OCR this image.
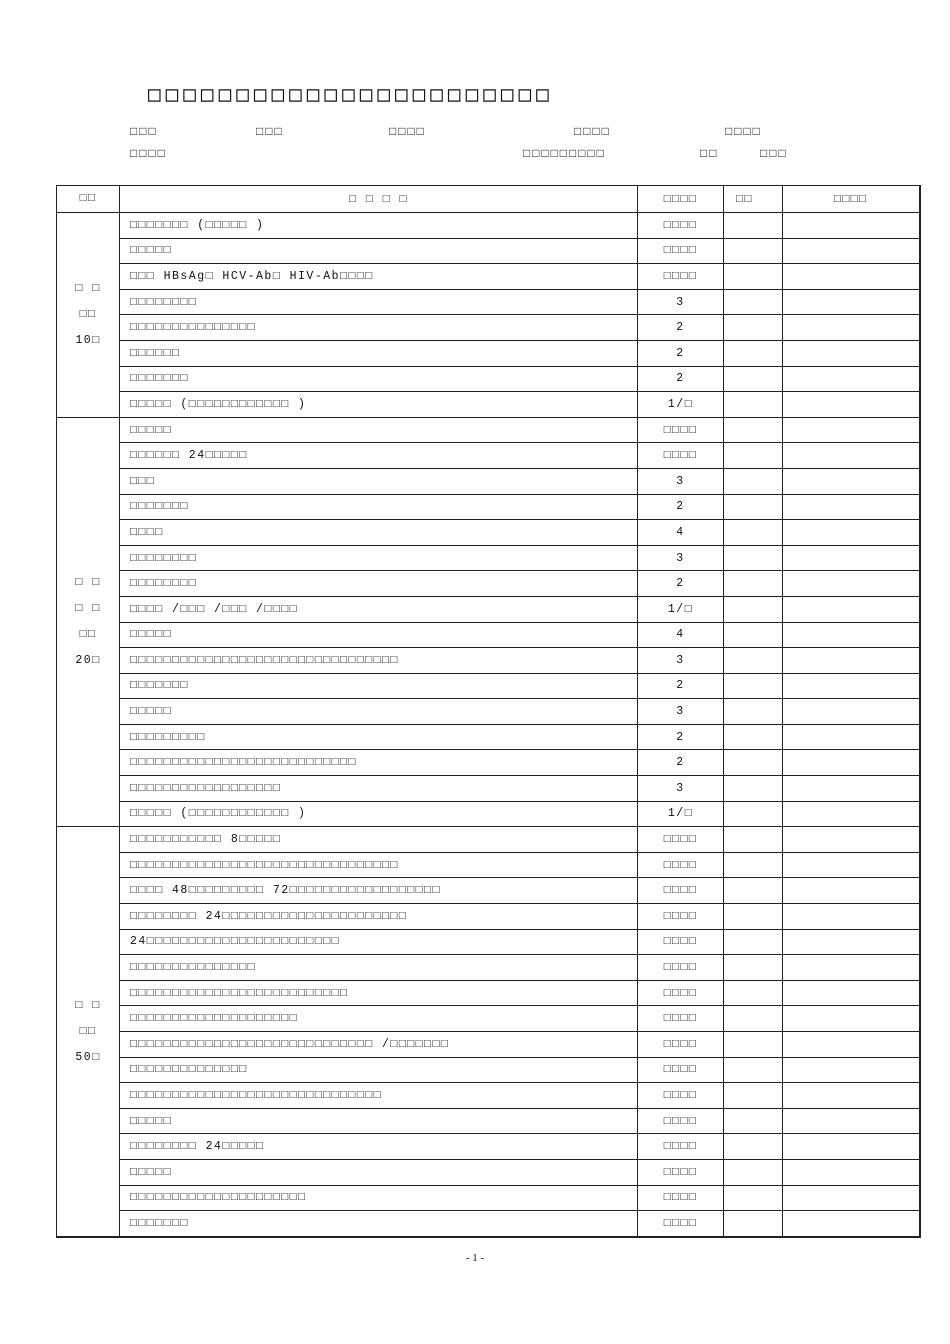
□□□□□□□□□□□□□□□□□□□□□□□
□□□	□□□	□□□□	□□□□	□□□□
□□□□	□□□□□□□□□	□□	□□□
□□	□ □ □ □	□□□□	□□	□□□□

□ □
□□
10□	□□□□□□□ (□□□□□ )	□□□□		
	□□□□□	□□□□		
	□□□ HBsAg□ HCV-Ab□ HIV-Ab□□□□	□□□□		
	□□□□□□□□	3		
	□□□□□□□□□□□□□□□	2		
	□□□□□□	2		
	□□□□□□□	2		
	□□□□□ (□□□□□□□□□□□□ )	1/□		

□ □
□ □
□□
20□	□□□□□	□□□□		
	□□□□□□ 24□□□□□	□□□□		
	□□□	3		
	□□□□□□□	2		
	□□□□	4		
	□□□□□□□□	3		
	□□□□□□□□	2		
	□□□□ /□□□ /□□□ /□□□□	1/□		
	□□□□□	4		
	□□□□□□□□□□□□□□□□□□□□□□□□□□□□□□□□	3		
	□□□□□□□	2		
	□□□□□	3		
	□□□□□□□□□	2		
	□□□□□□□□□□□□□□□□□□□□□□□□□□□	2		
	□□□□□□□□□□□□□□□□□□	3		
	□□□□□ (□□□□□□□□□□□□ )	1/□		

□ □
□□
50□	□□□□□□□□□□□ 8□□□□□	□□□□		
	□□□□□□□□□□□□□□□□□□□□□□□□□□□□□□□□	□□□□		
	□□□□ 48□□□□□□□□□ 72□□□□□□□□□□□□□□□□□□	□□□□		
	□□□□□□□□ 24□□□□□□□□□□□□□□□□□□□□□□	□□□□		
	24□□□□□□□□□□□□□□□□□□□□□□□	□□□□		
	□□□□□□□□□□□□□□□	□□□□		
	□□□□□□□□□□□□□□□□□□□□□□□□□□	□□□□		
	□□□□□□□□□□□□□□□□□□□□	□□□□		
	□□□□□□□□□□□□□□□□□□□□□□□□□□□□□ /□□□□□□□	□□□□		
	□□□□□□□□□□□□□□	□□□□		
	□□□□□□□□□□□□□□□□□□□□□□□□□□□□□□	□□□□		
	□□□□□	□□□□		
	□□□□□□□□ 24□□□□□	□□□□		
	□□□□□	□□□□		
	□□□□□□□□□□□□□□□□□□□□□	□□□□		
	□□□□□□□	□□□□		
- 1 -
